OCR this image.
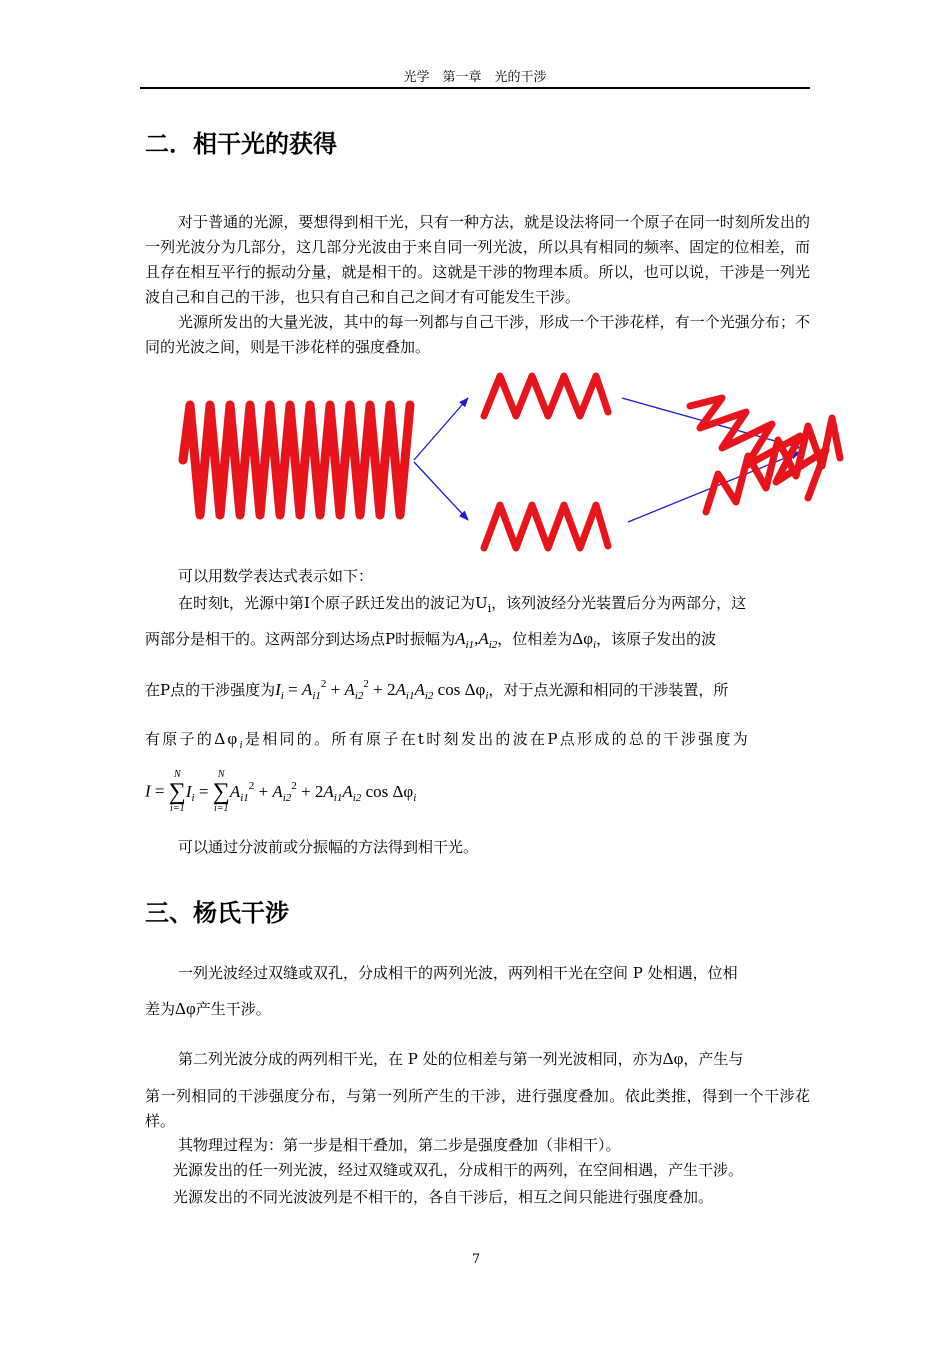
光学　第一章　光的干涉
二．相干光的获得
对于普通的光源，要想得到相干光，只有一种方法，就是设法将同一个原子在同一时刻所发出的一列光波分为几部分，这几部分光波由于来自同一列光波，所以具有相同的频率、固定的位相差，而且存在相互平行的振动分量，就是相干的。这就是干涉的物理本质。所以，也可以说，干涉是一列光波自己和自己的干涉，也只有自己和自己之间才有可能发生干涉。
光源所发出的大量光波，其中的每一列都与自己干涉，形成一个干涉花样，有一个光强分布；不同的光波之间，则是干涉花样的强度叠加。
可以用数学表达式表示如下：
在时刻t，光源中第I个原子跃迁发出的波记为$U_i$，该列波经分光装置后分为两部分，这
两部分是相干的。这两部分到达场点P时振幅为$A_{i1},A_{i2}$，位相差为$\Delta\varphi_i$，该原子发出的波
在P点的干涉强度为$I_i = A_{i1}^2 + A_{i2}^2 + 2A_{i1}A_{i2}$ $\cos \Delta\varphi_i$，对于点光源和相同的干涉装置，所
有原子的$\Delta\varphi_i$是相同的。所有原子在t时刻发出的波在P点形成的总的干涉强度为
I =
N
∑
i=1
$I_i$ =
N
∑
i=1
$A_{i1}^2 + A_{i2}^2 + 2A_{i1}A_{i2}$ $\cos \Delta\varphi_i$
可以通过分波前或分振幅的方法得到相干光。
三、杨氏干涉
一列光波经过双缝或双孔，分成相干的两列光波，两列相干光在空间 P 处相遇，位相
差为Δφ产生干涉。
第二列光波分成的两列相干光，在 P 处的位相差与第一列光波相同，亦为Δφ，产生与
第一列相同的干涉强度分布，与第一列所产生的干涉，进行强度叠加。依此类推，得到一个干涉花样。
其物理过程为：第一步是相干叠加，第二步是强度叠加（非相干）。
光源发出的任一列光波，经过双缝或双孔，分成相干的两列，在空间相遇，产生干涉。
光源发出的不同光波波列是不相干的，各自干涉后，相互之间只能进行强度叠加。
7
